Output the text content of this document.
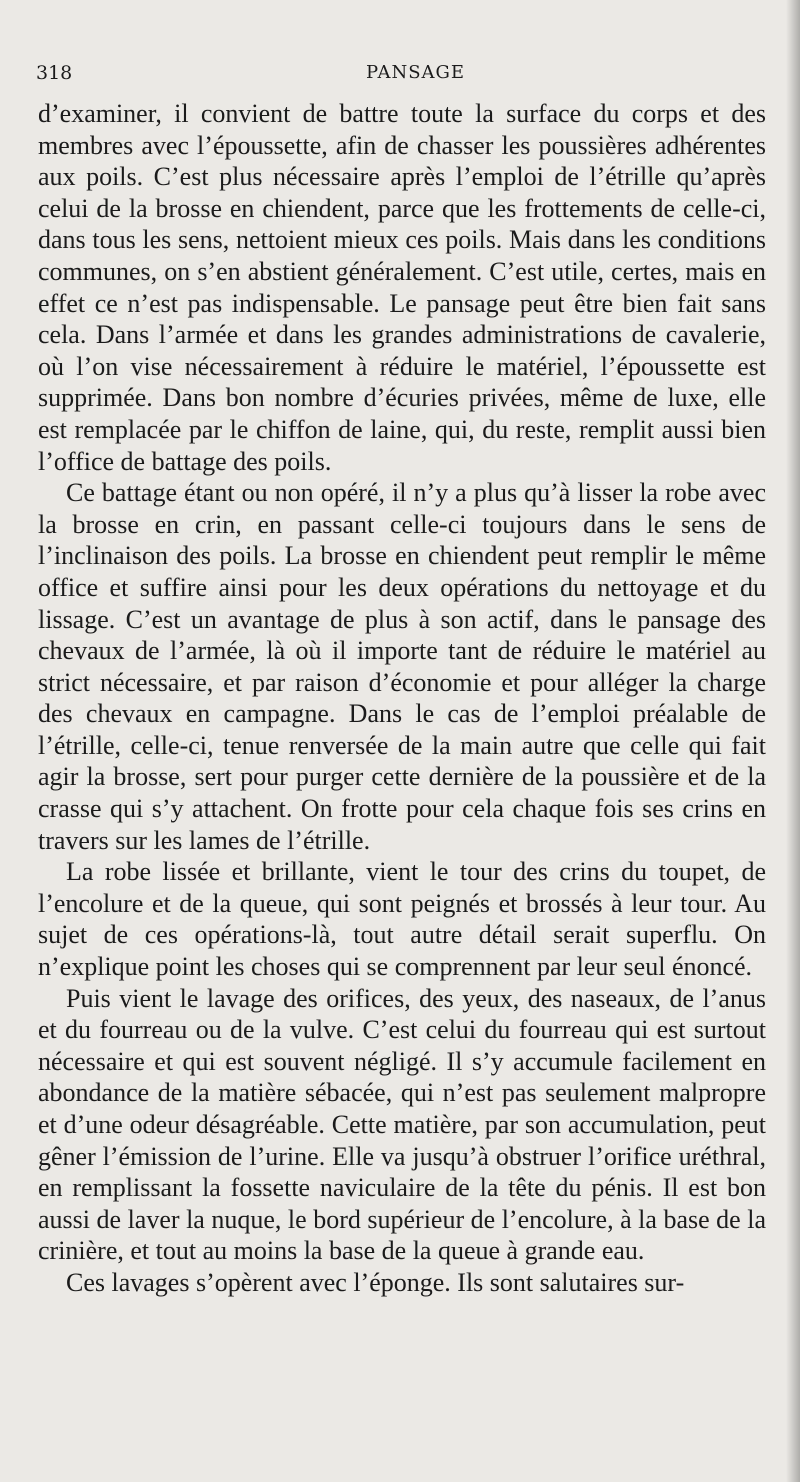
318	PANSAGE

d’examiner, il convient de battre toute la surface du corps et des membres avec l’époussette, afin de chasser les poussières adhérentes aux poils. C’est plus nécessaire après l’emploi de l’étrille qu’après celui de la brosse en chiendent, parce que les frottements de celle-ci, dans tous les sens, nettoient mieux ces poils. Mais dans les conditions communes, on s’en abstient généralement. C’est utile, certes, mais en effet ce n’est pas indispensable. Le pansage peut être bien fait sans cela. Dans l’armée et dans les grandes administrations de cavalerie, où l’on vise nécessairement à réduire le matériel, l’époussette est supprimée. Dans bon nombre d’écuries privées, même de luxe, elle est remplacée par le chiffon de laine, qui, du reste, remplit aussi bien l’office de battage des poils.

Ce battage étant ou non opéré, il n’y a plus qu’à lisser la robe avec la brosse en crin, en passant celle-ci toujours dans le sens de l’inclinaison des poils. La brosse en chiendent peut remplir le même office et suffire ainsi pour les deux opérations du nettoyage et du lissage. C’est un avantage de plus à son actif, dans le pansage des chevaux de l’armée, là où il importe tant de réduire le matériel au strict nécessaire, et par raison d’économie et pour alléger la charge des chevaux en campagne. Dans le cas de l’emploi préalable de l’étrille, celle-ci, tenue renversée de la main autre que celle qui fait agir la brosse, sert pour purger cette dernière de la poussière et de la crasse qui s’y attachent. On frotte pour cela chaque fois ses crins en travers sur les lames de l’étrille.

La robe lissée et brillante, vient le tour des crins du toupet, de l’encolure et de la queue, qui sont peignés et brossés à leur tour. Au sujet de ces opérations-là, tout autre détail serait superflu. On n’explique point les choses qui se comprennent par leur seul énoncé.

Puis vient le lavage des orifices, des yeux, des naseaux, de l’anus et du fourreau ou de la vulve. C’est celui du fourreau qui est surtout nécessaire et qui est souvent négligé. Il s’y accumule facilement en abondance de la matière sébacée, qui n’est pas seulement malpropre et d’une odeur désagréable. Cette matière, par son accumulation, peut gêner l’émission de l’urine. Elle va jusqu’à obstruer l’orifice uréthral, en remplissant la fossette naviculaire de la tête du pénis. Il est bon aussi de laver la nuque, le bord supérieur de l’encolure, à la base de la crinière, et tout au moins la base de la queue à grande eau.

Ces lavages s’opèrent avec l’éponge. Ils sont salutaires sur-
